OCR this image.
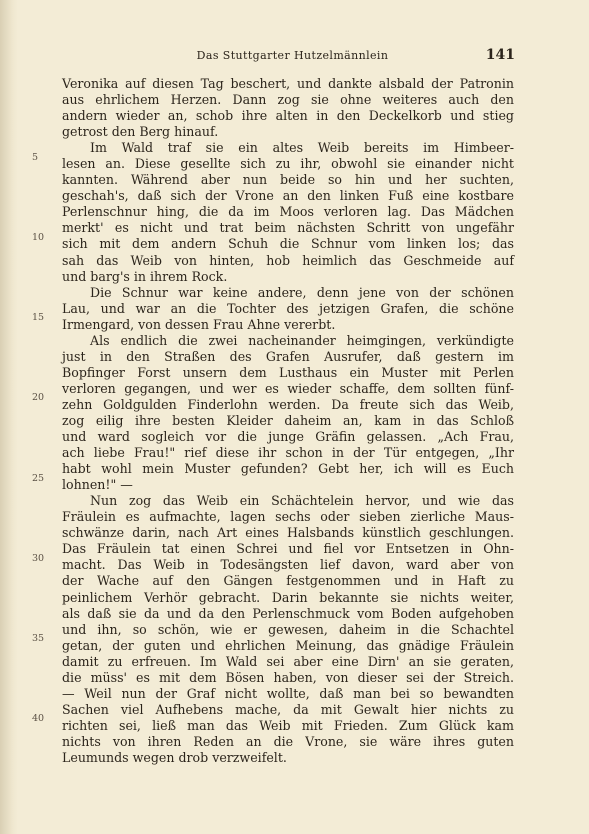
Das Stuttgarter Hutzelmännlein	141
Veronika auf diesen Tag beschert, und dankte alsbald der Patronin
aus ehrlichem Herzen. Dann zog sie ohne weiteres auch den
andern wieder an, schob ihre alten in den Deckelkorb und stieg
getrost den Berg hinauf.
Im Wald traf sie ein altes Weib bereits im Himbeer-
lesen an. Diese gesellte sich zu ihr, obwohl sie einander nicht
kannten. Während aber nun beide so hin und her suchten,
geschah's, daß sich der Vrone an den linken Fuß eine kostbare
Perlenschnur hing, die da im Moos verloren lag. Das Mädchen
merkt' es nicht und trat beim nächsten Schritt von ungefähr
sich mit dem andern Schuh die Schnur vom linken los; das
sah das Weib von hinten, hob heimlich das Geschmeide auf
und barg's in ihrem Rock.
Die Schnur war keine andere, denn jene von der schönen
Lau, und war an die Tochter des jetzigen Grafen, die schöne
Irmengard, von dessen Frau Ahne vererbt.
Als endlich die zwei nacheinander heimgingen, verkündigte
just in den Straßen des Grafen Ausrufer, daß gestern im
Bopfinger Forst unsern dem Lusthaus ein Muster mit Perlen
verloren gegangen, und wer es wieder schaffe, dem sollten fünf-
zehn Goldgulden Finderlohn werden. Da freute sich das Weib,
zog eilig ihre besten Kleider daheim an, kam in das Schloß
und ward sogleich vor die junge Gräfin gelassen. „Ach Frau,
ach liebe Frau!" rief diese ihr schon in der Tür entgegen, „Ihr
habt wohl mein Muster gefunden? Gebt her, ich will es Euch
lohnen!" —
Nun zog das Weib ein Schächtelein hervor, und wie das
Fräulein es aufmachte, lagen sechs oder sieben zierliche Maus-
schwänze darin, nach Art eines Halsbands künstlich geschlungen.
Das Fräulein tat einen Schrei und fiel vor Entsetzen in Ohn-
macht. Das Weib in Todesängsten lief davon, ward aber von
der Wache auf den Gängen festgenommen und in Haft zu
peinlichem Verhör gebracht. Darin bekannte sie nichts weiter,
als daß sie da und da den Perlenschmuck vom Boden aufgehoben
und ihn, so schön, wie er gewesen, daheim in die Schachtel
getan, der guten und ehrlichen Meinung, das gnädige Fräulein
damit zu erfreuen. Im Wald sei aber eine Dirn' an sie geraten,
die müss' es mit dem Bösen haben, von dieser sei der Streich.
— Weil nun der Graf nicht wollte, daß man bei so bewandten
Sachen viel Aufhebens mache, da mit Gewalt hier nichts zu
richten sei, ließ man das Weib mit Frieden. Zum Glück kam
nichts von ihren Reden an die Vrone, sie wäre ihres guten
Leumunds wegen drob verzweifelt.
5
10
15
20
25
30
35
40
